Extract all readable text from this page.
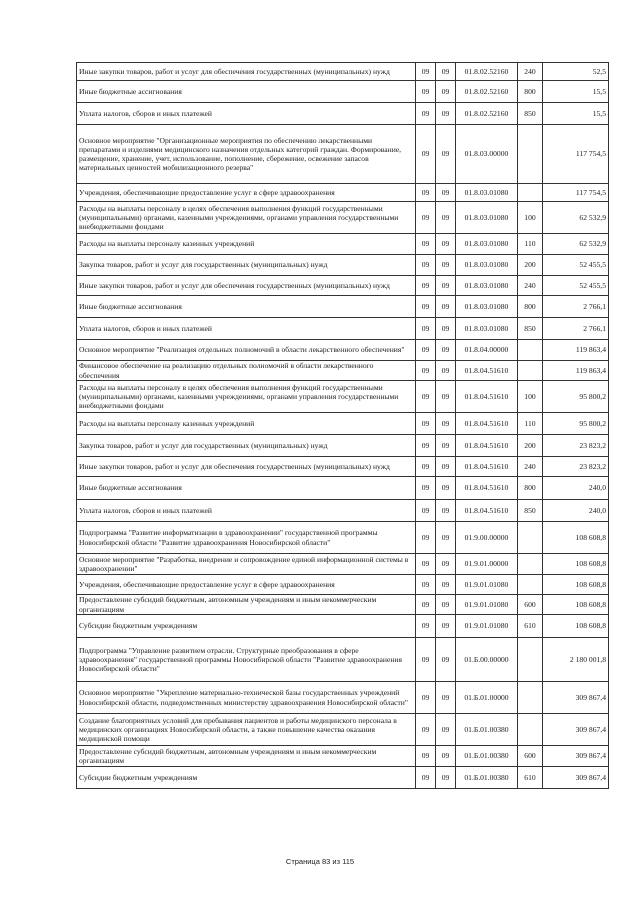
Иные закупки товаров, работ и услуг для обеспечения государственных (муниципальных) нужд	09	09	01.8.02.52160	240	52,5
Иные бюджетные ассигнования	09	09	01.8.02.52160	800	15,5
Уплата налогов, сборов и иных платежей	09	09	01.8.02.52160	850	15,5
Основное мероприятие "Организационные мероприятия по обеспечению лекарственными препаратами и изделиями медицинского назначения отдельных категорий граждан. Формирование, размещение, хранение, учет, использование, пополнение, сбережение, освежение запасов материальных ценностей мобилизационного резерва"	09	09	01.8.03.00000		117 754,5
Учреждения, обеспечивающие предоставление услуг в сфере здравоохранения	09	09	01.8.03.01080		117 754,5
Расходы на выплаты персоналу в целях обеспечения выполнения функций государственными (муниципальными) органами, казенными учреждениями, органами управления государственными внебюджетными фондами	09	09	01.8.03.01080	100	62 532,9
Расходы на выплаты персоналу казенных учреждений	09	09	01.8.03.01080	110	62 532,9
Закупка товаров, работ и услуг для государственных (муниципальных) нужд	09	09	01.8.03.01080	200	52 455,5
Иные закупки товаров, работ и услуг для обеспечения государственных (муниципальных) нужд	09	09	01.8.03.01080	240	52 455,5
Иные бюджетные ассигнования	09	09	01.8.03.01080	800	2 766,1
Уплата налогов, сборов и иных платежей	09	09	01.8.03.01080	850	2 766,1
Основное мероприятие "Реализация отдельных полномочий в области лекарственного обеспечения"	09	09	01.8.04.00000		119 863,4
Финансовое обеспечение на реализацию отдельных полномочий в области лекарственного обеспечения	09	09	01.8.04.51610		119 863,4
Расходы на выплаты персоналу в целях обеспечения выполнения функций государственными (муниципальными) органами, казенными учреждениями, органами управления государственными внебюджетными фондами	09	09	01.8.04.51610	100	95 800,2
Расходы на выплаты персоналу казенных учреждений	09	09	01.8.04.51610	110	95 800,2
Закупка товаров, работ и услуг для государственных (муниципальных) нужд	09	09	01.8.04.51610	200	23 823,2
Иные закупки товаров, работ и услуг для обеспечения государственных (муниципальных) нужд	09	09	01.8.04.51610	240	23 823,2
Иные бюджетные ассигнования	09	09	01.8.04.51610	800	240,0
Уплата налогов, сборов и иных платежей	09	09	01.8.04.51610	850	240,0
Подпрограмма "Развитие информатизации в здравоохранении" государственной программы Новосибирской области "Развитие здравоохранения Новосибирской области"	09	09	01.9.00.00000		108 608,8
Основное мероприятие "Разработка, внедрение и сопровождение единой информационной системы в здравоохранении"	09	09	01.9.01.00000		108 608,8
Учреждения, обеспечивающие предоставление услуг в сфере здравоохранения	09	09	01.9.01.01080		108 608,8
Предоставление субсидий бюджетным, автономным учреждениям и иным некоммерческим организациям	09	09	01.9.01.01080	600	108 608,8
Субсидии бюджетным учреждениям	09	09	01.9.01.01080	610	108 608,8
Подпрограмма "Управление развитием отрасли. Структурные преобразования в сфере здравоохранения" государственной программы Новосибирской области "Развитие здравоохранения Новосибирской области"	09	09	01.Б.00.00000		2 180 001,8
Основное мероприятие "Укрепление материально-технической базы государственных учреждений Новосибирской области, подведомственных министерству здравоохранения Новосибирской области"	09	09	01.Б.01.00000		309 867,4
Создание благоприятных условий для пребывания пациентов и работы медицинского персонала в медицинских организациях Новосибирской области, а также повышение качества оказания медицинской помощи	09	09	01.Б.01.00380		309 867,4
Предоставление субсидий бюджетным, автономным учреждениям и иным некоммерческим организациям	09	09	01.Б.01.00380	600	309 867,4
Субсидии бюджетным учреждениям	09	09	01.Б.01.00380	610	309 867,4
Страница 83 из 115
